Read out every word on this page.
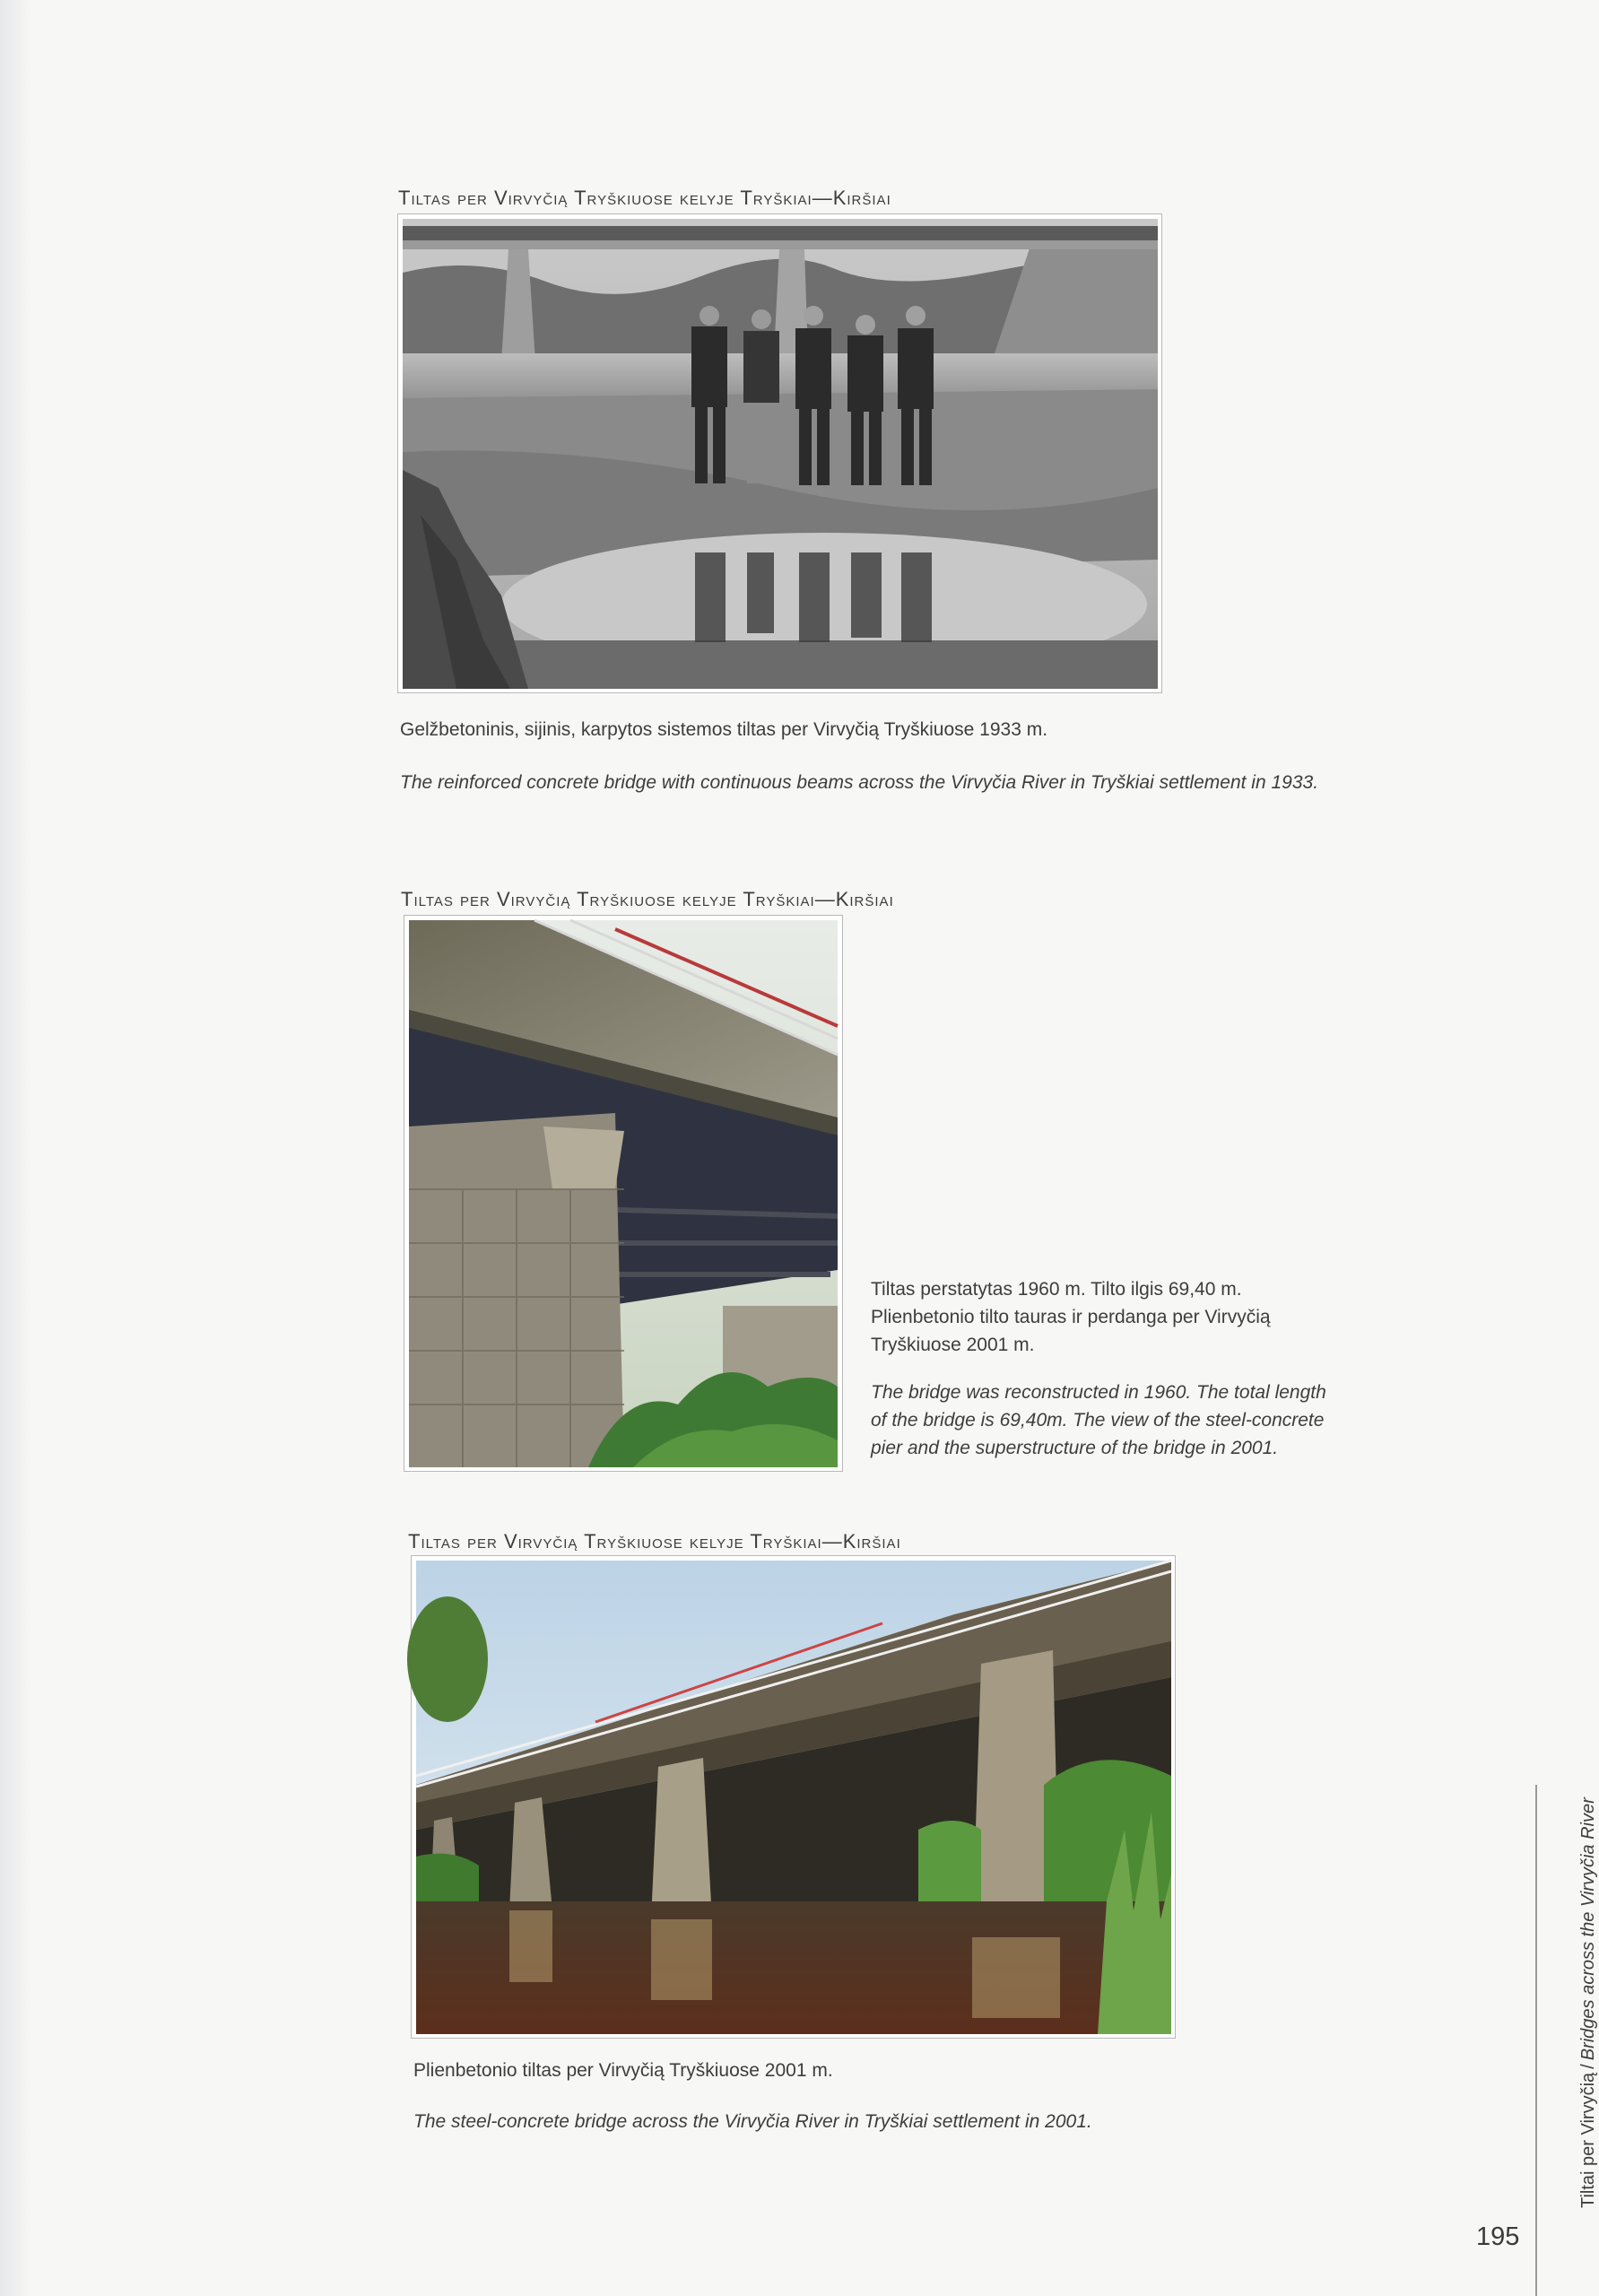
Tiltas per Virvyčią Tryškiuose kelyje Tryškiai—Kiršiai
Gelžbetoninis, sijinis, karpytos sistemos tiltas per Virvyčią Tryškiuose 1933 m.
The reinforced concrete bridge with continuous beams across the Virvyčia River in Tryškiai settlement in 1933.
Tiltas per Virvyčią Tryškiuose kelyje Tryškiai—Kiršiai
Tiltas perstatytas 1960 m. Tilto ilgis 69,40 m. Plienbetonio tilto tauras ir perdanga per Virvyčią Tryškiuose 2001 m.
The bridge was reconstructed in 1960. The total length of the bridge is 69,40m. The view of the steel-concrete pier and the superstructure of the bridge in 2001.
Tiltas per Virvyčią Tryškiuose kelyje Tryškiai—Kiršiai
Plienbetonio tiltas per Virvyčią Tryškiuose 2001 m.
The steel-concrete bridge across the Virvyčia River in Tryškiai settlement in 2001.	Tiltai per Virvyčią/Bridges across the Virvyčia River
195
